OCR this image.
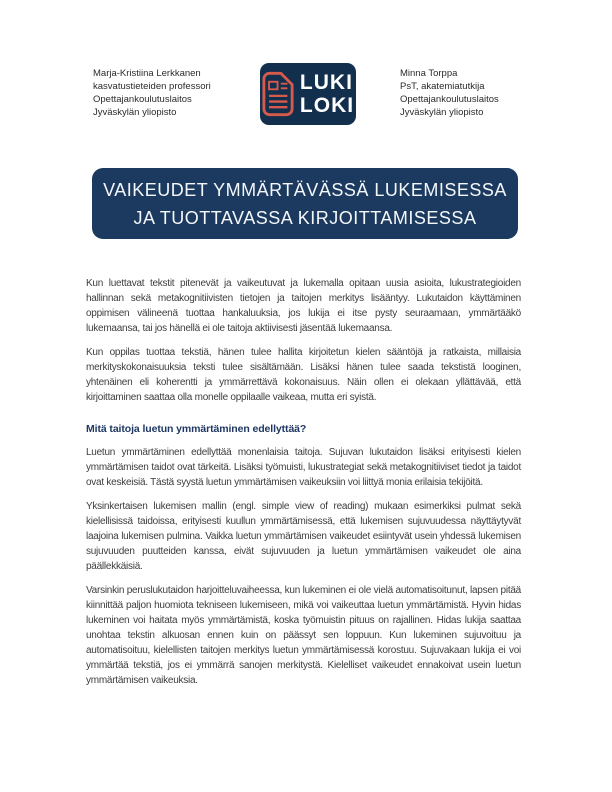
Marja-Kristiina Lerkkanen
kasvatustieteiden professori
Opettajankoulutuslaitos
Jyväskylän yliopisto
LUKI
LOKI
Minna Torppa
PsT, akatemiatutkija
Opettajankoulutuslaitos
Jyväskylän yliopisto
VAIKEUDET YMMÄRTÄVÄSSÄ LUKEMISESSA
JA TUOTTAVASSA KIRJOITTAMISESSA

Kun luettavat tekstit pitenevät ja vaikeutuvat ja lukemalla opitaan uusia asioita, lukustrategioiden hallinnan sekä metakognitiivisten tietojen ja taitojen merkitys lisääntyy. Lukutaidon käyttäminen oppimisen välineenä tuottaa hankaluuksia, jos lukija ei itse pysty seuraamaan, ymmärtääkö lukemaansa, tai jos hänellä ei ole taitoja aktiivisesti jäsentää lukemaansa.

Kun oppilas tuottaa tekstiä, hänen tulee hallita kirjoitetun kielen sääntöjä ja ratkaista, millaisia merkityskokonaisuuksia teksti tulee sisältämään. Lisäksi hänen tulee saada tekstistä looginen, yhtenäinen eli koherentti ja ymmärrettävä kokonaisuus. Näin ollen ei olekaan yllättävää, että kirjoittaminen saattaa olla monelle oppilaalle vaikeaa, mutta eri syistä.

Mitä taitoja luetun ymmärtäminen edellyttää?

Luetun ymmärtäminen edellyttää monenlaisia taitoja. Sujuvan lukutaidon lisäksi erityisesti kielen ymmärtämisen taidot ovat tärkeitä. Lisäksi työmuisti, lukustrategiat sekä metakognitiiviset tiedot ja taidot ovat keskeisiä. Tästä syystä luetun ymmärtämisen vaikeuksiin voi liittyä monia erilaisia tekijöitä.

Yksinkertaisen lukemisen mallin (engl. simple view of reading) mukaan esimerkiksi pulmat sekä kielellisissä taidoissa, erityisesti kuullun ymmärtämisessä, että lukemisen sujuvuudessa näyttäytyvät laajoina lukemisen pulmina. Vaikka luetun ymmärtämisen vaikeudet esiintyvät usein yhdessä lukemisen sujuvuuden puutteiden kanssa, eivät sujuvuuden ja luetun ymmärtämisen vaikeudet ole aina päällekkäisiä.

Varsinkin peruslukutaidon harjoitteluvaiheessa, kun lukeminen ei ole vielä automatisoitunut, lapsen pitää kiinnittää paljon huomiota tekniseen lukemiseen, mikä voi vaikeuttaa luetun ymmärtämistä. Hyvin hidas lukeminen voi haitata myös ymmärtämistä, koska työmuistin pituus on rajallinen. Hidas lukija saattaa unohtaa tekstin alkuosan ennen kuin on päässyt sen loppuun. Kun lukeminen sujuvoituu ja automatisoituu, kielellisten taitojen merkitys luetun ymmärtämisessä korostuu. Sujuvakaan lukija ei voi ymmärtää tekstiä, jos ei ymmärrä sanojen merkitystä. Kielelliset vaikeudet ennakoivat usein luetun ymmärtämisen vaikeuksia.
